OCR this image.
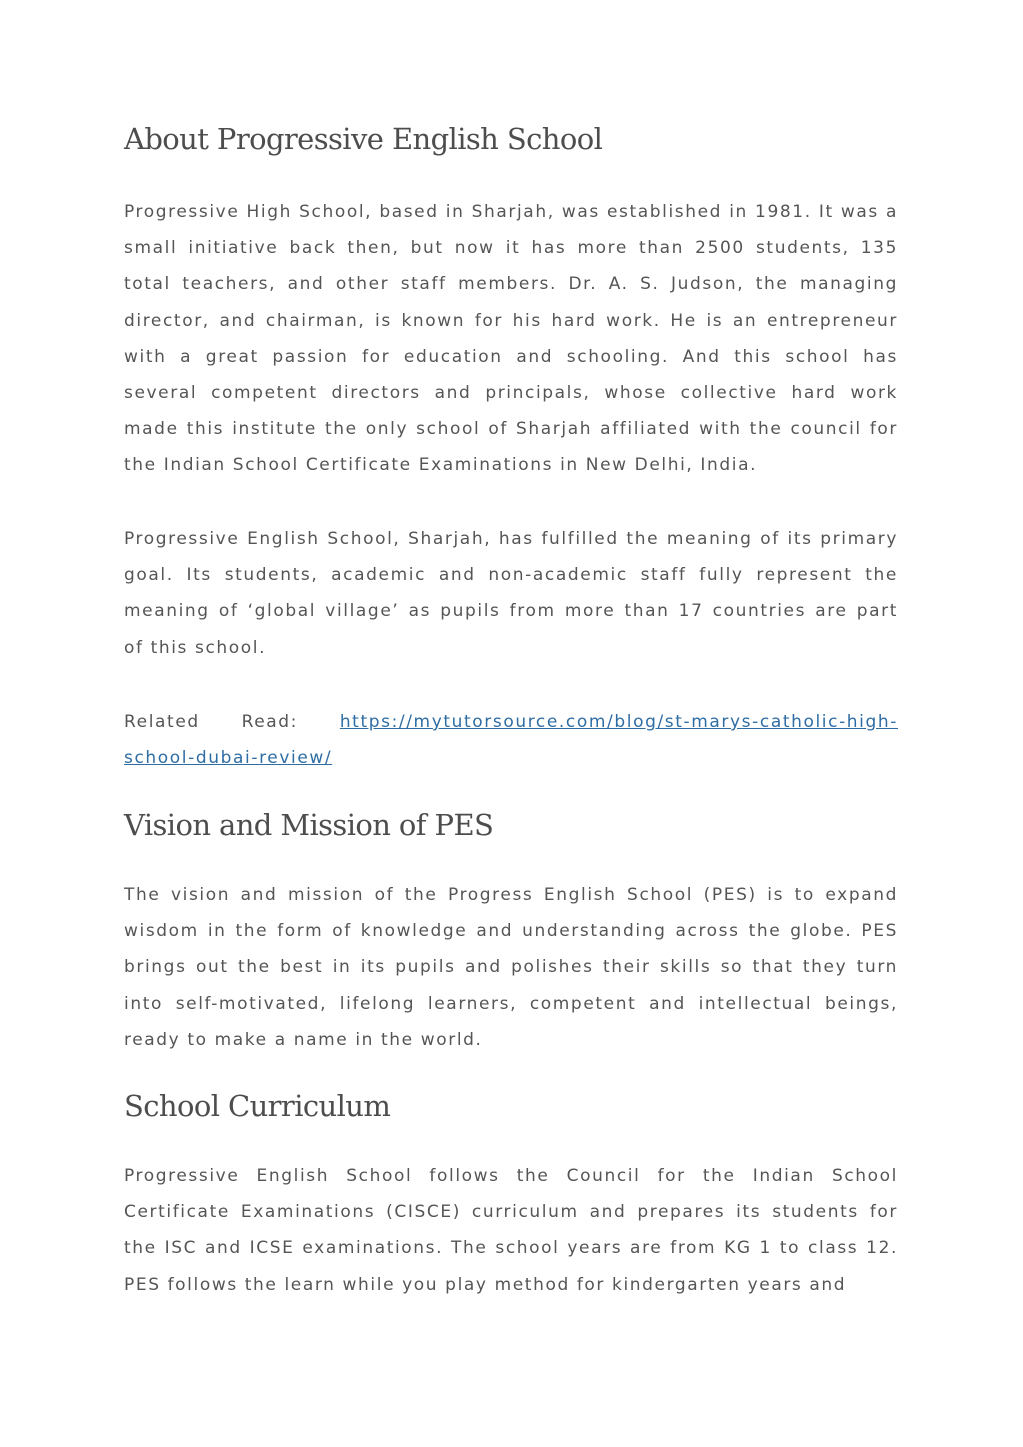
About Progressive English School

Progressive High School, based in Sharjah, was established in 1981. It was a small initiative back then, but now it has more than 2500 students, 135 total teachers, and other staff members. Dr. A. S. Judson, the managing director, and chairman, is known for his hard work. He is an entrepreneur with a great passion for education and schooling. And this school has several competent directors and principals, whose collective hard work made this institute the only school of Sharjah affiliated with the council for the Indian School Certificate Examinations in New Delhi, India.

Progressive English School, Sharjah, has fulfilled the meaning of its primary goal. Its students, academic and non-academic staff fully represent the meaning of ‘global village’ as pupils from more than 17 countries are part of this school.

Related Read: https://mytutorsource.com/blog/st-marys-catholic-high-school-dubai-review/

Vision and Mission of PES

The vision and mission of the Progress English School (PES) is to expand wisdom in the form of knowledge and understanding across the globe. PES brings out the best in its pupils and polishes their skills so that they turn into self-motivated, lifelong learners, competent and intellectual beings, ready to make a name in the world.

School Curriculum

Progressive English School follows the Council for the Indian School Certificate Examinations (CISCE) curriculum and prepares its students for the ISC and ICSE examinations. The school years are from KG 1 to class 12. PES follows the learn while you play method for kindergarten years and
